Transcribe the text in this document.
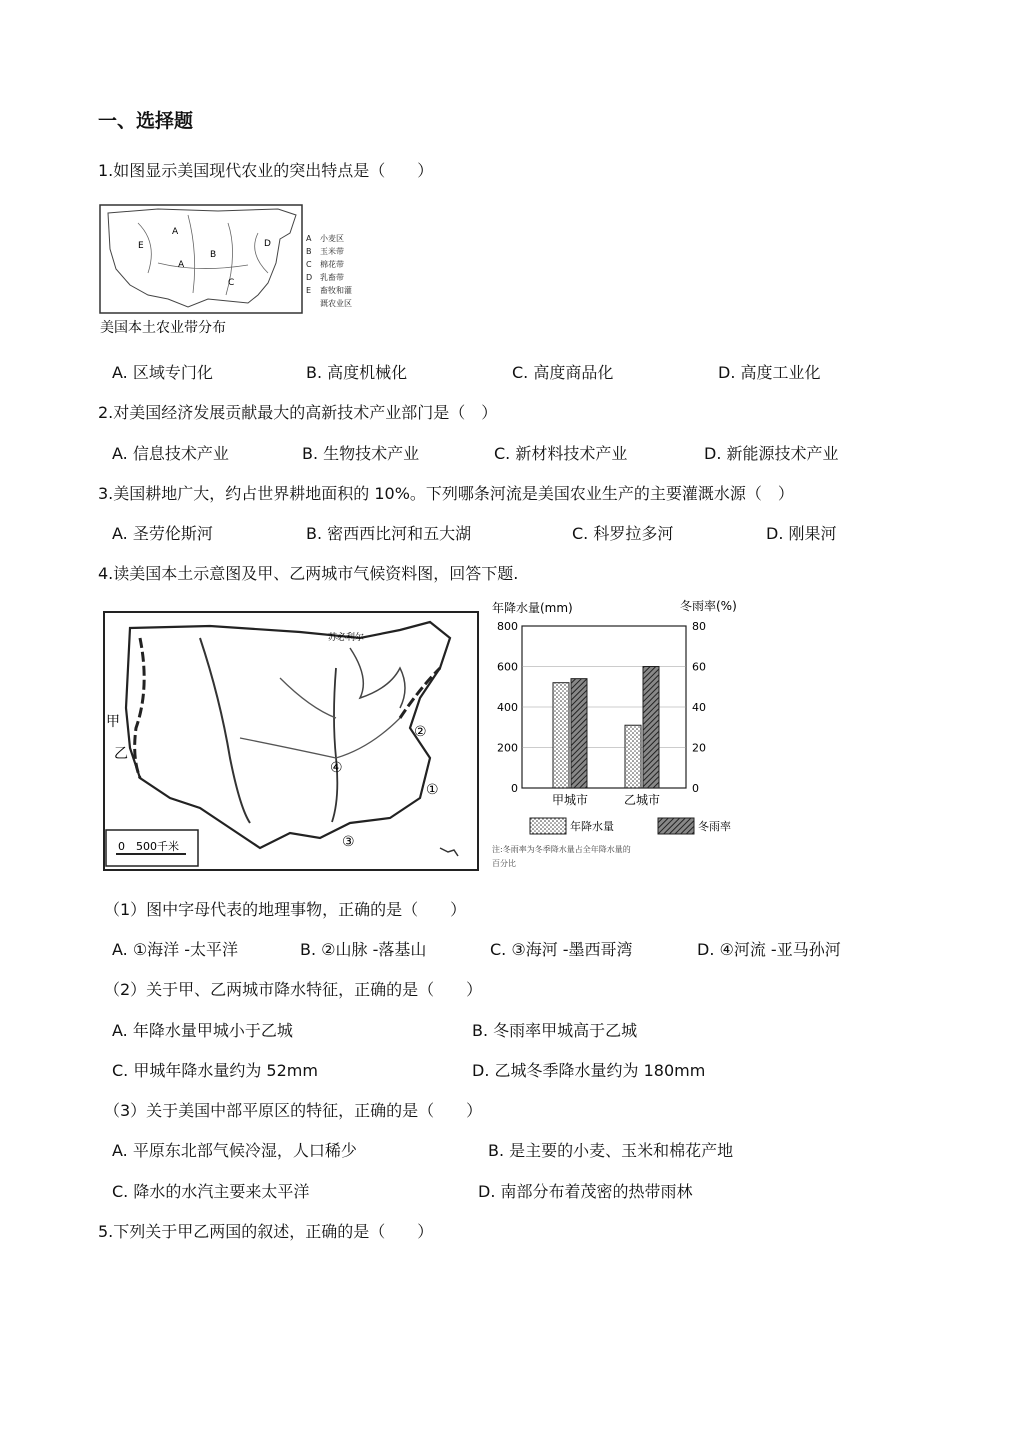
一、选择题
1.如图显示美国现代农业的突出特点是（　　）
A
A
B
C
D
E
A 小麦区
B 玉米带
C 棉花带
D 乳畜带
E 畜牧和灌
溉农业区
美国本土农业带分布
A. 区域专门化	B. 高度机械化	C. 高度商品化	D. 高度工业化
2.对美国经济发展贡献最大的高新技术产业部门是（　）
A. 信息技术产业	B. 生物技术产业	C. 新材料技术产业	D. 新能源技术产业
3.美国耕地广大，约占世界耕地面积的 10%。下列哪条河流是美国农业生产的主要灌溉水源（　）
A. 圣劳伦斯河	B. 密西西比河和五大湖	C. 科罗拉多河	D. 刚果河
4.读美国本土示意图及甲、乙两城市气候资料图，回答下题.
甲
乙
苏必利尔
①
②
③
④
0　500千米
年降水量(mm)	冬雨率(%)
800
600
400
200
0
80
60
40
20
0
甲城市	乙城市
年降水量	冬雨率
注:冬雨率为冬季降水量占全年降水量的
百分比
（1）图中字母代表的地理事物，正确的是（　　）
A. ①海洋 -太平洋	B. ②山脉 -落基山	C. ③海河 -墨西哥湾	D. ④河流 -亚马孙河
（2）关于甲、乙两城市降水特征，正确的是（　　）
A. 年降水量甲城小于乙城	B. 冬雨率甲城高于乙城
C. 甲城年降水量约为 52mm	D. 乙城冬季降水量约为 180mm
（3）关于美国中部平原区的特征，正确的是（　　）
A. 平原东北部气候冷湿，人口稀少	B. 是主要的小麦、玉米和棉花产地
C. 降水的水汽主要来太平洋	D. 南部分布着茂密的热带雨林
5.下列关于甲乙两国的叙述，正确的是（　　）
